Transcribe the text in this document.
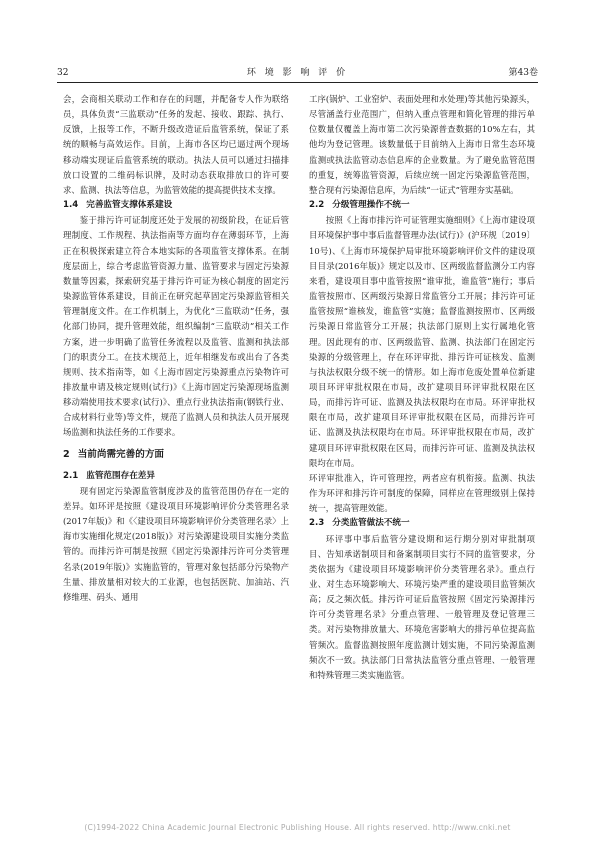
32	环 境 影 响 评 价	第43卷

会，会商相关联动工作和存在的问题，并配备专人作为联络员，具体负责“三监联动”任务的发起、接收、跟踪、执行、反馈，上报等工作，不断升级改造证后监管系统，保证了系统的顺畅与高效运作。目前，上海市各区均已逼过两个现场移动端实现证后监管系统的联动。执法人员可以通过扫描排放口设置的二维码标识牌，及时动态获取排放口的许可要求、监测、执法等信息，为监管效能的提高提供技术支撑。

1.4 完善监管支撑体系建设

鉴于排污许可证制度还处于发展的初级阶段，在证后管理制度、工作规程、执法指南等方面均存在薄弱环节，上海正在积极探索建立符合本地实际的各项监管支撑体系。在制度层面上，综合考虑监管资源力量、监管要求与固定污染源数量等因素，探索研究基于排污许可证为核心制度的固定污染源监管体系建设，目前正在研究起草固定污染源监管相关管理制度文件。在工作机制上，为优化“三监联动”任务，强化部门协同，提升管理效能，组织编制“三监联动”相关工作方案，进一步明确了监管任务流程以及监管、监测和执法部门的职责分工。在技术规范上，近年相继发布或出台了各类规则、技术指南等，如《上海市固定污染源重点污染物许可排放量申请及核定规则(试行)》《上海市固定污染源现场监测移动端使用技术要求(试行)》、重点行业执法指南(钢铁行业、合成材料行业等)等文件，规范了监测人员和执法人员开展现场监测和执法任务的工作要求。

2 当前尚需完善的方面
2.1 监管范围存在差异

现有固定污染源监管制度涉及的监管范围仍存在一定的差异。如环评是按照《建设项目环境影响评价分类管理名录(2017年版)》和《〈建设项目环境影响评价分类管理名录〉上海市实施细化规定(2018版)》对污染源建设项目实施分类监管的。而排污许可制是按照《固定污染源排污许可分类管理名录(2019年版)》实施监管的，管理对象包括部分污染物产生量、排放量相对较大的工业源，也包括医院、加油站、汽修维理、码头、通用

工序(锅炉、工业窑炉、表面处理和水处理)等其他污染源头，尽管涵盖行业范围广，但纳入重点管理和简化管理的排污单位数量仅覆盖上海市第二次污染源普查数据的10%左右，其他均为登记管理。该数量低于目前纳入上海市日常生态环境监测或执法监管动态信息库的企业数量。为了避免监管范围的重复，统筹监管资源，后续应统一固定污染源监管范围，整合现有污染源信息库，为后续“一证式”管理夯实基础。

2.2 分级管理操作不统一

按照《上海市排污许可证管理实施细则》《上海市建设项目环境保护事中事后监督管理办法(试行)》(沪环规〔2019〕10号)、《上海市环境保护局审批环境影响评价文件的建设项目目录(2016年版)》规定以及市、区两级监督监测分工内容来看，建设项目事中监管按照“谁审批，谁监管”施行；事后监管按照市、区两级污染源日常监管分工开展；排污许可证监管按照“谁核发，谁监管”实施；监督监测按照市、区两级污染源日常监管分工开展；执法部门原则上实行属地化管理。因此现有的市、区两级监管、监测、执法部门在固定污染源的分级管理上，存在环评审批、排污许可证核发、监测与执法权限分级不统一的情形。如上海市危废处置单位新建项目环评审批权限在市局，改扩建项目环评审批权限在区局，而排污许可证、监测及执法权限均在市局。环评审批权限在市局，改扩建项目环评审批权限在区局，而排污许可证、监测及执法权限均在市局。环评审批权限在市局，改扩建项目环评审批权限在区局，而排污许可证、监测及执法权限均在市局。

环评审批准入，许可管理控，两者应有机衔接。监测、执法作为环评和排污许可制度的保障，同样应在管理级别上保持统一，提高管理效能。

2.3 分类监管做法不统一

环评事中事后监管分建设期和运行期分别对审批制项目、告知承诺制项目和备案制项目实行不同的监管要求，分类依据为《建设项目环境影响评价分类管理名录》。重点行业、对生态环境影响大、环境污染严重的建设项目监管频次高；反之频次低。排污许可证后监管按照《固定污染源排污许可分类管理名录》分重点管理、一般管理及登记管理三类。对污染物排放量大、环境危害影响大的排污单位提高监管频次。监督监测按照年度监测计划实施，不同污染源监测频次不一致。执法部门日常执法监管分重点管理、一般管理和特殊管理三类实施监管。

(C)1994-2022 China Academic Journal Electronic Publishing House. All rights reserved. http://www.cnki.net
